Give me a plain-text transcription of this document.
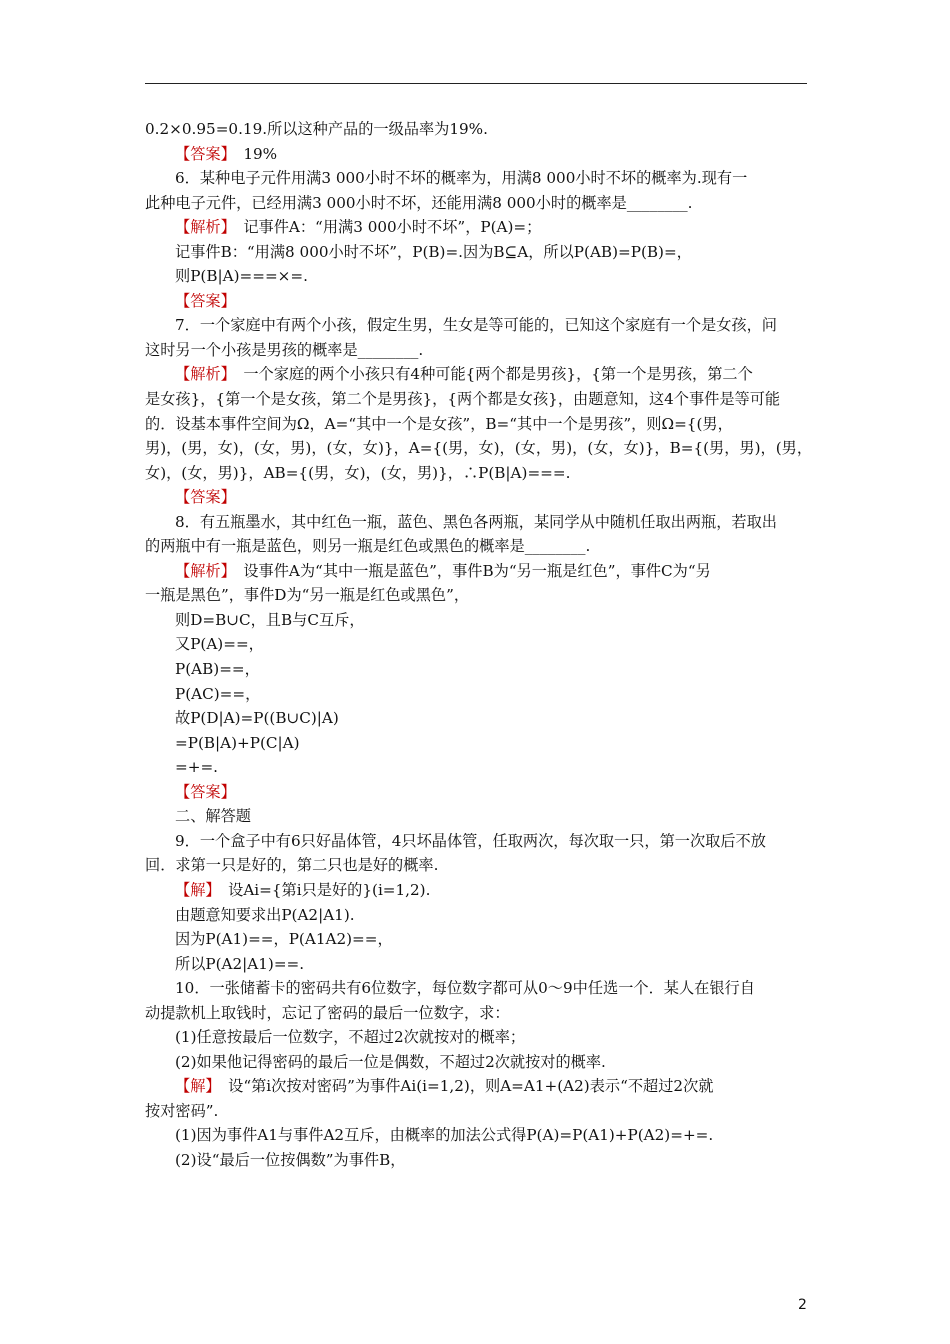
0.2×0.95=0.19.所以这种产品的一级品率为19%.
【答案】　19%
6．某种电子元件用满3 000小时不坏的概率为，用满8 000小时不坏的概率为.现有一
此种电子元件，已经用满3 000小时不坏，还能用满8 000小时的概率是________.
【解析】　记事件A：“用满3 000小时不坏”，P(A)=；
记事件B：“用满8 000小时不坏”，P(B)=.因为B⊆A，所以P(AB)=P(B)=，
则P(B|A)===×=.
【答案】
7．一个家庭中有两个小孩，假定生男，生女是等可能的，已知这个家庭有一个是女孩，问
这时另一个小孩是男孩的概率是________.
【解析】　一个家庭的两个小孩只有4种可能{两个都是男孩}，{第一个是男孩，第二个
是女孩}，{第一个是女孩，第二个是男孩}，{两个都是女孩}，由题意知，这4个事件是等可能
的．设基本事件空间为Ω，A=“其中一个是女孩”，B=“其中一个是男孩”，则Ω={(男，
男)，(男，女)，(女，男)，(女，女)}，A={(男，女)，(女，男)，(女，女)}，B={(男，男)，(男，
女)，(女，男)}，AB={(男，女)，(女，男)}，∴P(B|A)===.
【答案】
8．有五瓶墨水，其中红色一瓶，蓝色、黑色各两瓶，某同学从中随机任取出两瓶，若取出
的两瓶中有一瓶是蓝色，则另一瓶是红色或黑色的概率是________.
【解析】　设事件A为“其中一瓶是蓝色”，事件B为“另一瓶是红色”，事件C为“另
一瓶是黑色”，事件D为“另一瓶是红色或黑色”，
则D=B∪C，且B与C互斥，
又P(A)==，
P(AB)==，
P(AC)==，
故P(D|A)=P((B∪C)|A)
=P(B|A)+P(C|A)
=+=.
【答案】
二、解答题
9．一个盒子中有6只好晶体管，4只坏晶体管，任取两次，每次取一只，第一次取后不放
回．求第一只是好的，第二只也是好的概率.
【解】　设Ai={第i只是好的}(i=1,2).
由题意知要求出P(A2|A1).
因为P(A1)==，P(A1A2)==，
所以P(A2|A1)==.
10．一张储蓄卡的密码共有6位数字，每位数字都可从0～9中任选一个．某人在银行自
动提款机上取钱时，忘记了密码的最后一位数字，求：
(1)任意按最后一位数字，不超过2次就按对的概率；
(2)如果他记得密码的最后一位是偶数，不超过2次就按对的概率.
【解】　设“第i次按对密码”为事件Ai(i=1,2)，则A=A1+(A2)表示“不超过2次就
按对密码”.
(1)因为事件A1与事件A2互斥，由概率的加法公式得P(A)=P(A1)+P(A2)=+=.
(2)设“最后一位按偶数”为事件B，
2
